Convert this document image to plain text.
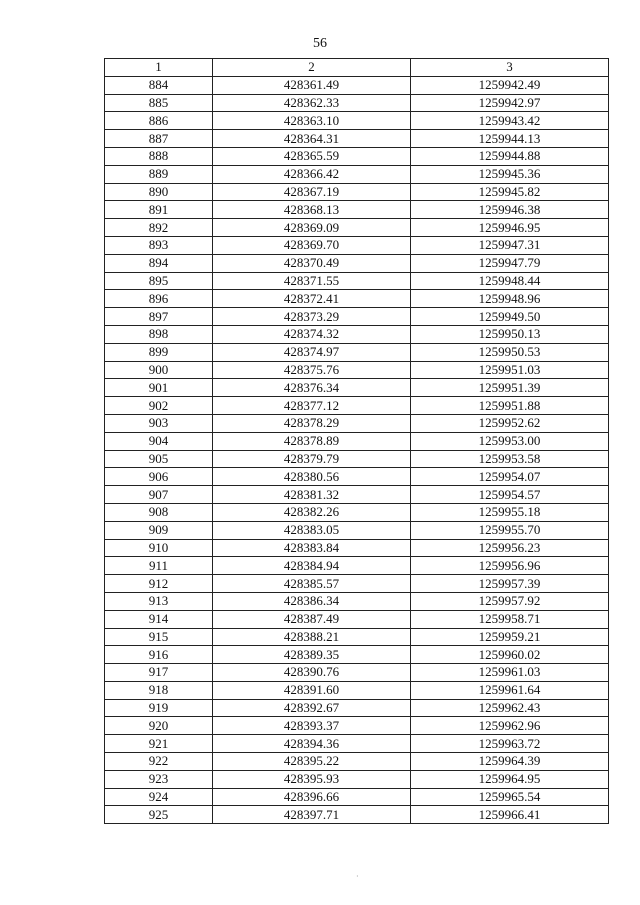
56
1	2	3
884	428361.49	1259942.49
885	428362.33	1259942.97
886	428363.10	1259943.42
887	428364.31	1259944.13
888	428365.59	1259944.88
889	428366.42	1259945.36
890	428367.19	1259945.82
891	428368.13	1259946.38
892	428369.09	1259946.95
893	428369.70	1259947.31
894	428370.49	1259947.79
895	428371.55	1259948.44
896	428372.41	1259948.96
897	428373.29	1259949.50
898	428374.32	1259950.13
899	428374.97	1259950.53
900	428375.76	1259951.03
901	428376.34	1259951.39
902	428377.12	1259951.88
903	428378.29	1259952.62
904	428378.89	1259953.00
905	428379.79	1259953.58
906	428380.56	1259954.07
907	428381.32	1259954.57
908	428382.26	1259955.18
909	428383.05	1259955.70
910	428383.84	1259956.23
911	428384.94	1259956.96
912	428385.57	1259957.39
913	428386.34	1259957.92
914	428387.49	1259958.71
915	428388.21	1259959.21
916	428389.35	1259960.02
917	428390.76	1259961.03
918	428391.60	1259961.64
919	428392.67	1259962.43
920	428393.37	1259962.96
921	428394.36	1259963.72
922	428395.22	1259964.39
923	428395.93	1259964.95
924	428396.66	1259965.54
925	428397.71	1259966.41
·
